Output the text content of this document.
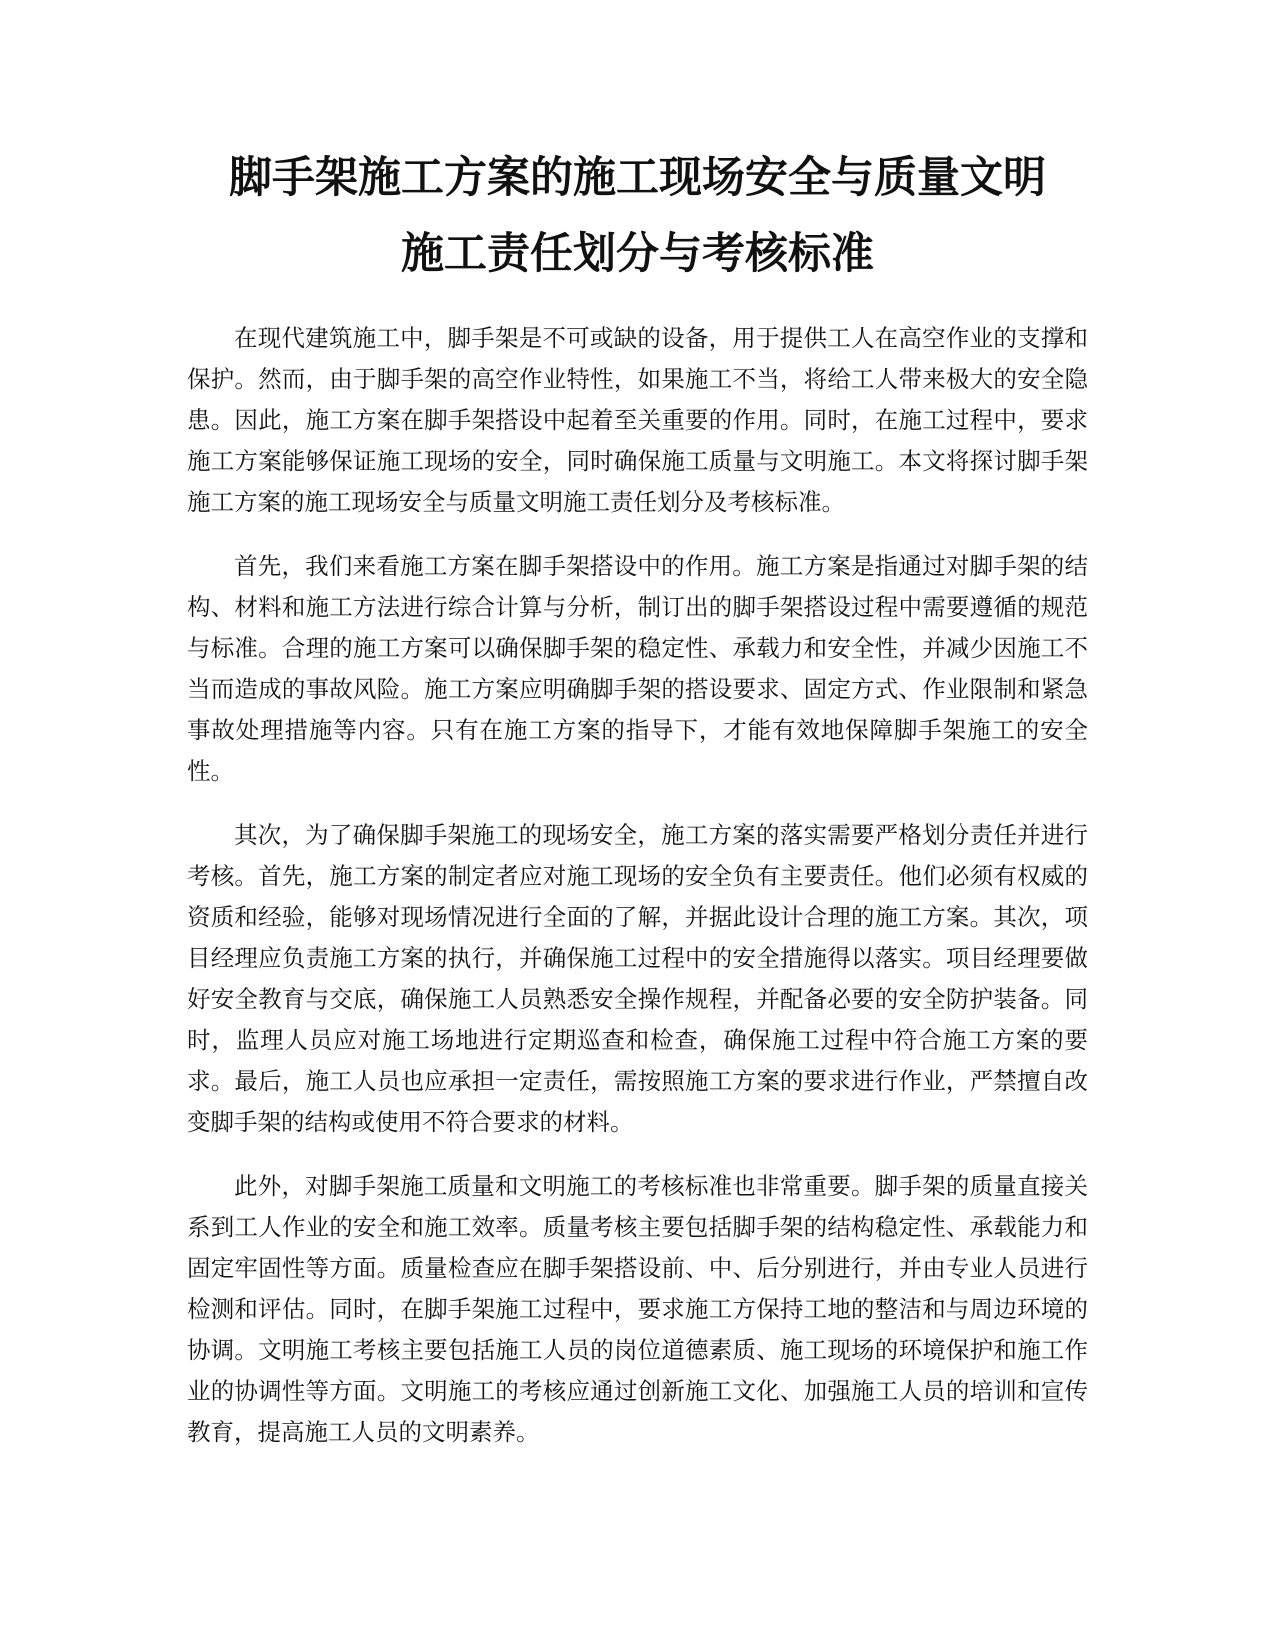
脚手架施工方案的施工现场安全与质量文明
施工责任划分与考核标准

在现代建筑施工中，脚手架是不可或缺的设备，用于提供工人在高空作业的支撑和保护。然而，由于脚手架的高空作业特性，如果施工不当，将给工人带来极大的安全隐患。因此，施工方案在脚手架搭设中起着至关重要的作用。同时，在施工过程中，要求施工方案能够保证施工现场的安全，同时确保施工质量与文明施工。本文将探讨脚手架施工方案的施工现场安全与质量文明施工责任划分及考核标准。

首先，我们来看施工方案在脚手架搭设中的作用。施工方案是指通过对脚手架的结构、材料和施工方法进行综合计算与分析，制订出的脚手架搭设过程中需要遵循的规范与标准。合理的施工方案可以确保脚手架的稳定性、承载力和安全性，并减少因施工不当而造成的事故风险。施工方案应明确脚手架的搭设要求、固定方式、作业限制和紧急事故处理措施等内容。只有在施工方案的指导下，才能有效地保障脚手架施工的安全性。

其次，为了确保脚手架施工的现场安全，施工方案的落实需要严格划分责任并进行考核。首先，施工方案的制定者应对施工现场的安全负有主要责任。他们必须有权威的资质和经验，能够对现场情况进行全面的了解，并据此设计合理的施工方案。其次，项目经理应负责施工方案的执行，并确保施工过程中的安全措施得以落实。项目经理要做好安全教育与交底，确保施工人员熟悉安全操作规程，并配备必要的安全防护装备。同时，监理人员应对施工场地进行定期巡查和检查，确保施工过程中符合施工方案的要求。最后，施工人员也应承担一定责任，需按照施工方案的要求进行作业，严禁擅自改变脚手架的结构或使用不符合要求的材料。

此外，对脚手架施工质量和文明施工的考核标准也非常重要。脚手架的质量直接关系到工人作业的安全和施工效率。质量考核主要包括脚手架的结构稳定性、承载能力和固定牢固性等方面。质量检查应在脚手架搭设前、中、后分别进行，并由专业人员进行检测和评估。同时，在脚手架施工过程中，要求施工方保持工地的整洁和与周边环境的协调。文明施工考核主要包括施工人员的岗位道德素质、施工现场的环境保护和施工作业的协调性等方面。文明施工的考核应通过创新施工文化、加强施工人员的培训和宣传教育，提高施工人员的文明素养。
